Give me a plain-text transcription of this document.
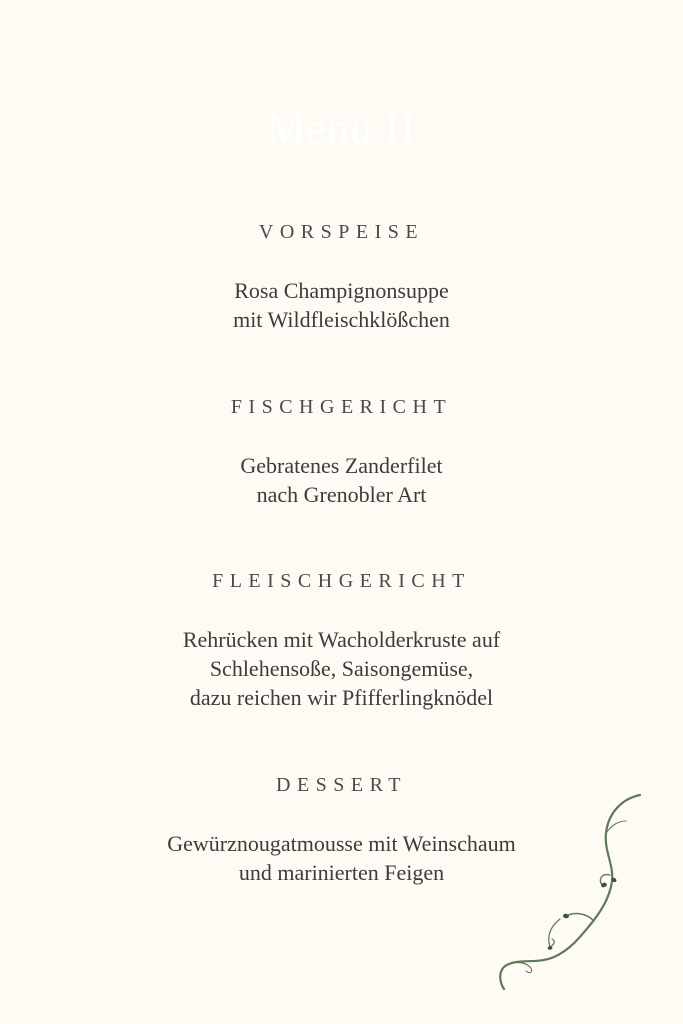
Menü II
VORSPEISE
Rosa Champignonsuppe
mit Wildfleischklößchen
FISCHGERICHT
Gebratenes Zanderfilet
nach Grenobler Art
FLEISCHGERICHT
Rehrücken mit Wacholderkruste auf
Schlehensoße, Saisongemüse,
dazu reichen wir Pfifferlingknödel
DESSERT
Gewürznougatmousse mit Weinschaum
und marinierten Feigen
